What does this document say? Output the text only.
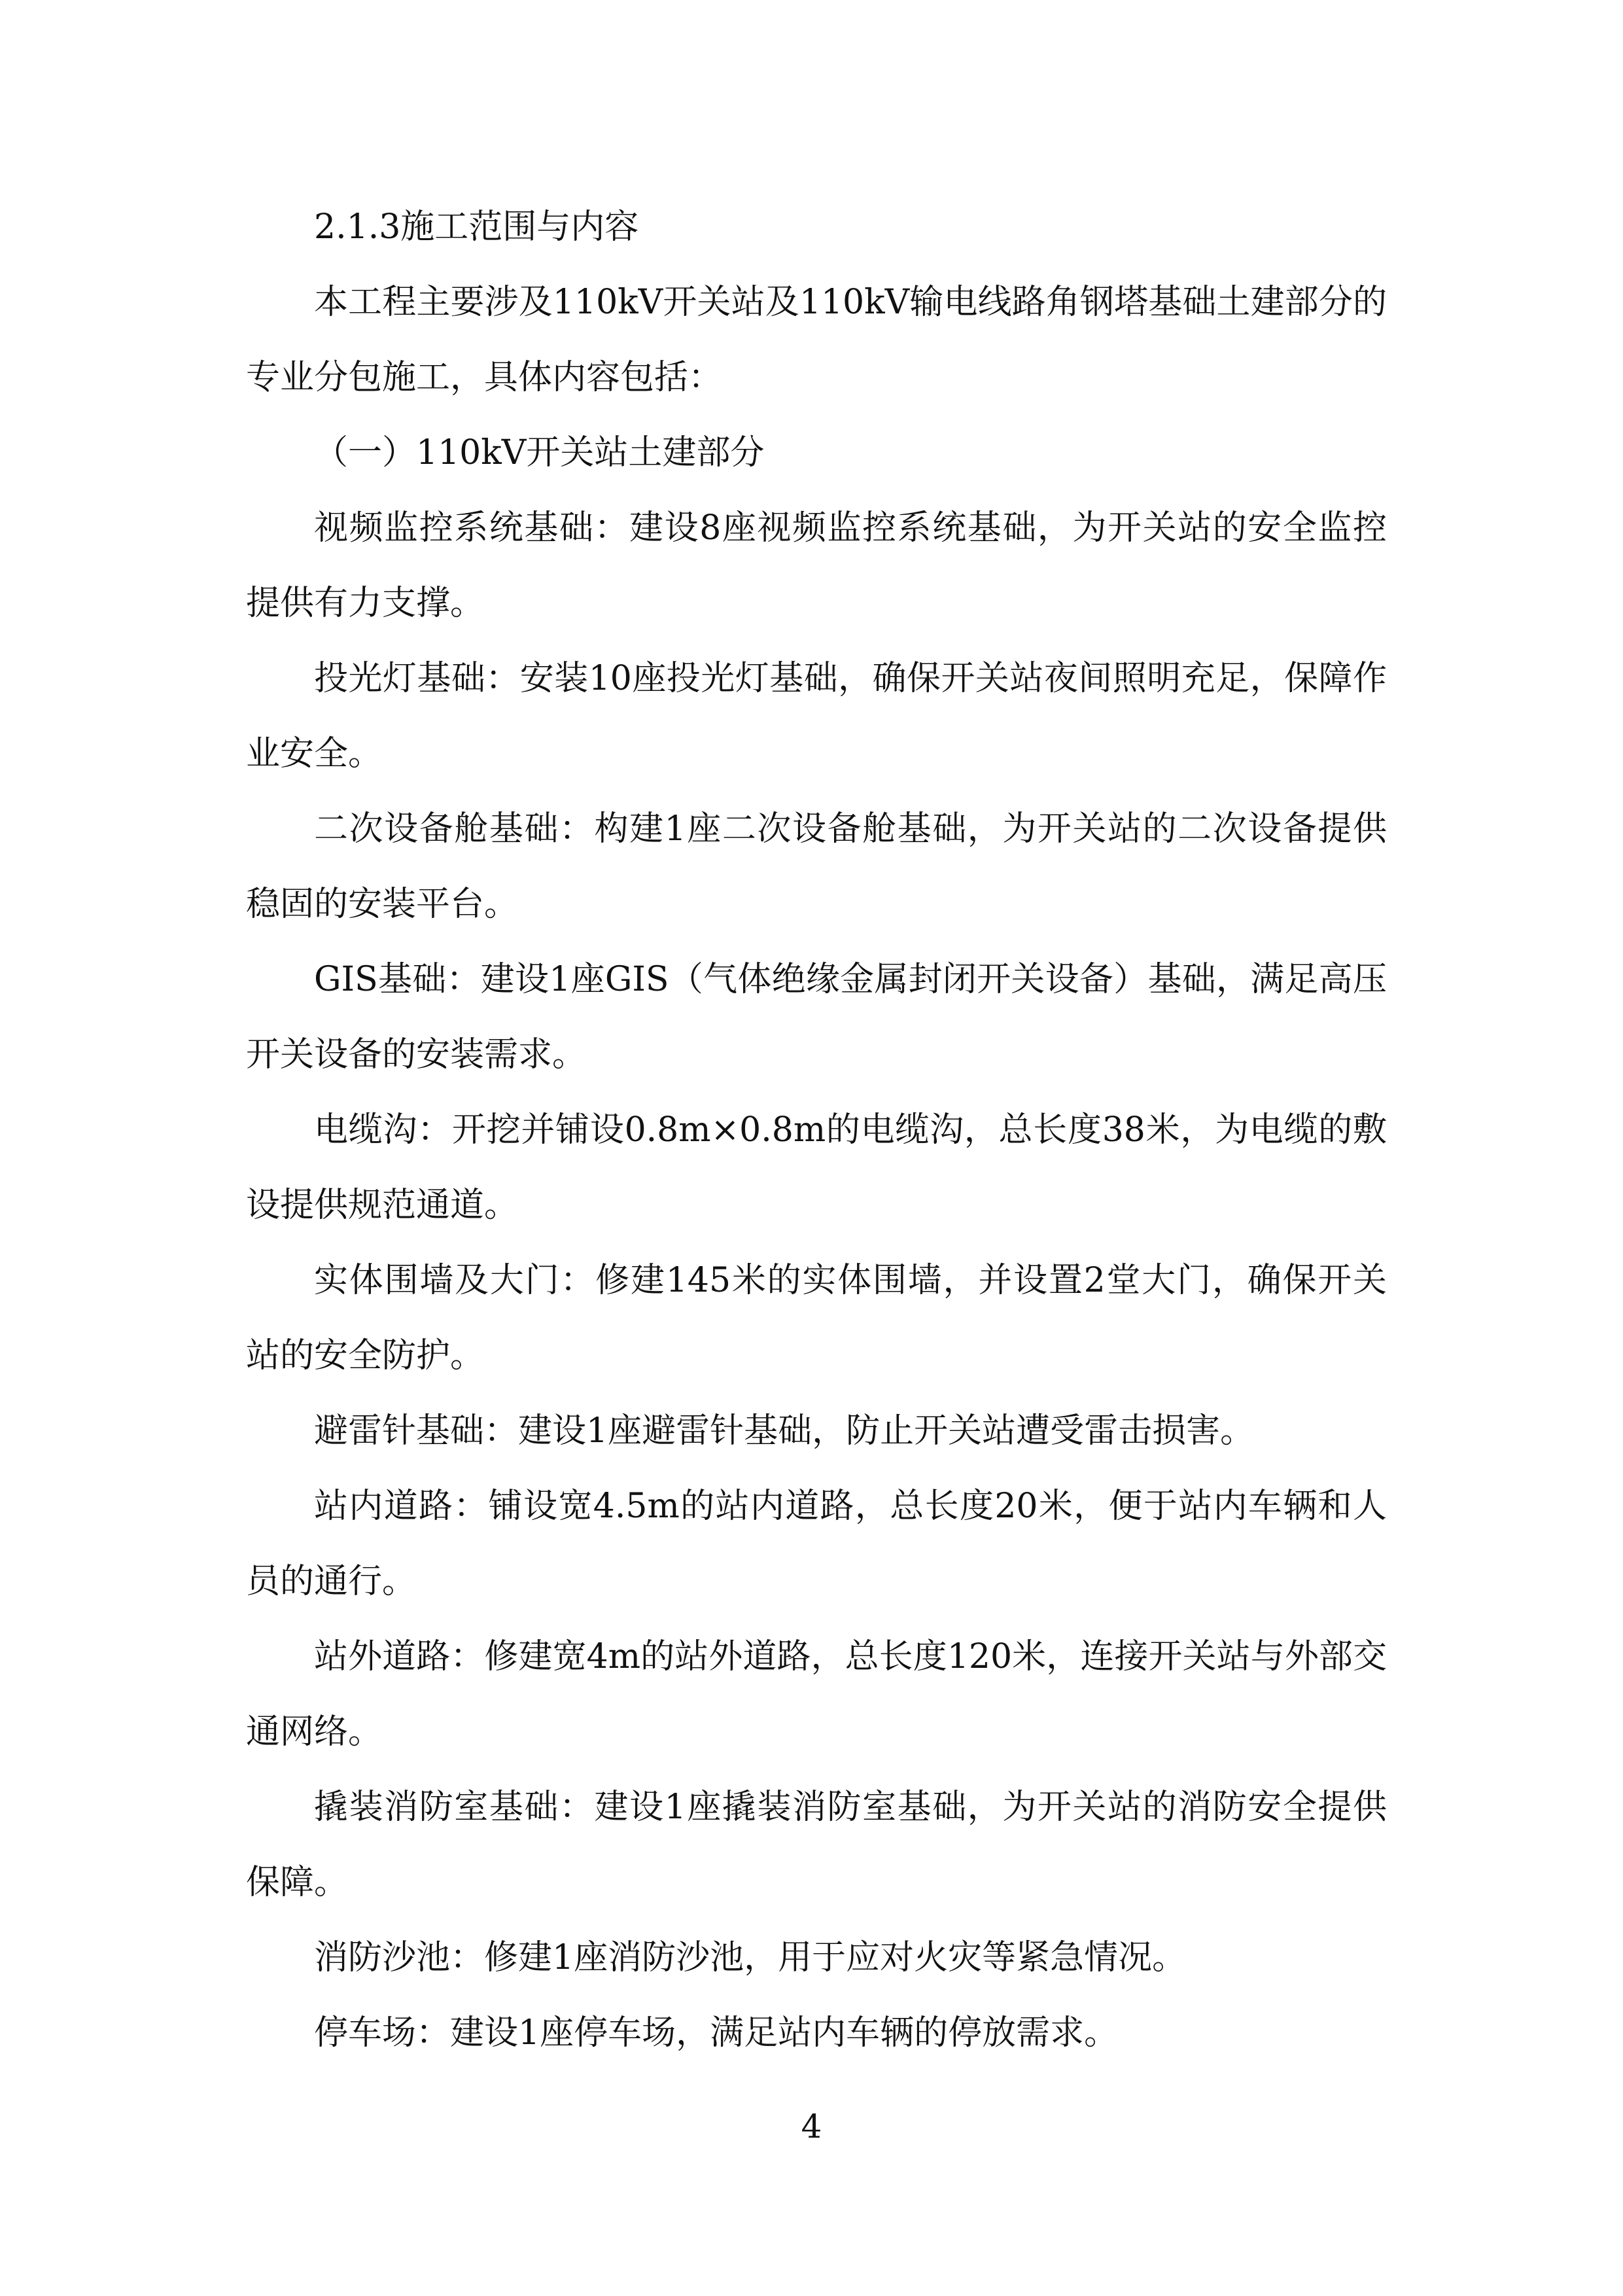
2.1.3施工范围与内容

本工程主要涉及110kV开关站及110kV输电线路角钢塔基础土建部分的专业分包施工，具体内容包括：

（一）110kV开关站土建部分

视频监控系统基础：建设8座视频监控系统基础，为开关站的安全监控提供有力支撑。

投光灯基础：安装10座投光灯基础，确保开关站夜间照明充足，保障作业安全。

二次设备舱基础：构建1座二次设备舱基础，为开关站的二次设备提供稳固的安装平台。

GIS基础：建设1座GIS（气体绝缘金属封闭开关设备）基础，满足高压开关设备的安装需求。

电缆沟：开挖并铺设0.8m×0.8m的电缆沟，总长度38米，为电缆的敷设提供规范通道。

实体围墙及大门：修建145米的实体围墙，并设置2堂大门，确保开关站的安全防护。

避雷针基础：建设1座避雷针基础，防止开关站遭受雷击损害。

站内道路：铺设宽4.5m的站内道路，总长度20米，便于站内车辆和人员的通行。

站外道路：修建宽4m的站外道路，总长度120米，连接开关站与外部交通网络。

撬装消防室基础：建设1座撬装消防室基础，为开关站的消防安全提供保障。

消防沙池：修建1座消防沙池，用于应对火灾等紧急情况。

停车场：建设1座停车场，满足站内车辆的停放需求。

4
